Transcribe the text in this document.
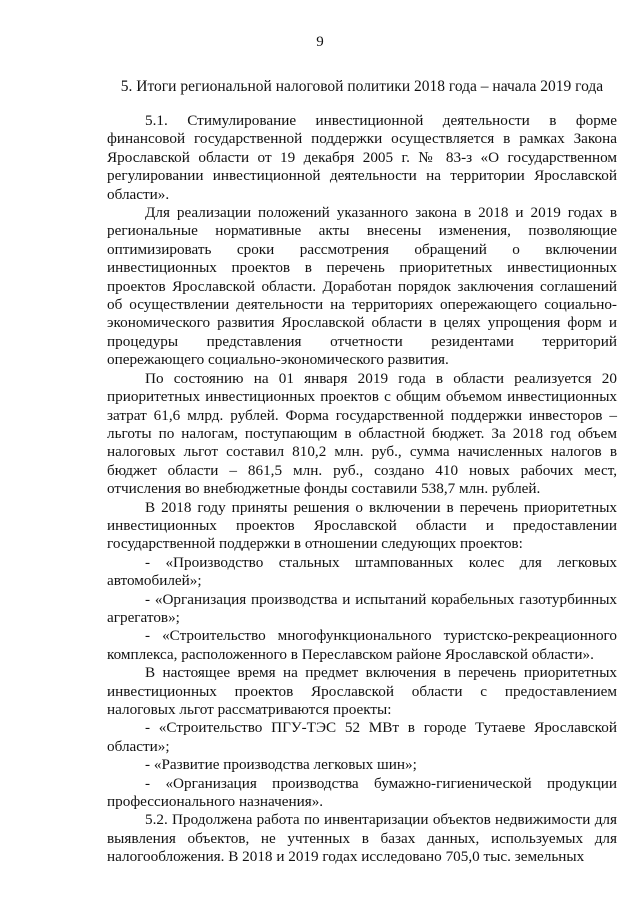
9
5. Итоги региональной налоговой политики 2018 года – начала 2019 года

5.1. Стимулирование инвестиционной деятельности в форме финансовой государственной поддержки осуществляется в рамках Закона Ярославской области от 19 декабря 2005 г. № 83-з «О государственном регулировании инвестиционной деятельности на территории Ярославской области».

Для реализации положений указанного закона в 2018 и 2019 годах в региональные нормативные акты внесены изменения, позволяющие оптимизировать сроки рассмотрения обращений о включении инвестиционных проектов в перечень приоритетных инвестиционных проектов Ярославской области. Доработан порядок заключения соглашений об осуществлении деятельности на территориях опережающего социально-экономического развития Ярославской области в целях упрощения форм и процедуры представления отчетности резидентами территорий опережающего социально-экономического развития.

По состоянию на 01 января 2019 года в области реализуется 20 приоритетных инвестиционных проектов с общим объемом инвестиционных затрат 61,6 млрд. рублей. Форма государственной поддержки инвесторов – льготы по налогам, поступающим в областной бюджет. За 2018 год объем налоговых льгот составил 810,2 млн. руб., сумма начисленных налогов в бюджет области – 861,5 млн. руб., создано 410 новых рабочих мест, отчисления во внебюджетные фонды составили 538,7 млн. рублей.

В 2018 году приняты решения о включении в перечень приоритетных инвестиционных проектов Ярославской области и предоставлении государственной поддержки в отношении следующих проектов:

- «Производство стальных штампованных колес для легковых автомобилей»;

- «Организация производства и испытаний корабельных газотурбинных агрегатов»;

- «Строительство многофункционального туристско-рекреационного комплекса, расположенного в Переславском районе Ярославской области».

В настоящее время на предмет включения в перечень приоритетных инвестиционных проектов Ярославской области с предоставлением налоговых льгот рассматриваются проекты:

- «Строительство ПГУ-ТЭС 52 МВт в городе Тутаеве Ярославской области»;

- «Развитие производства легковых шин»;

- «Организация производства бумажно-гигиенической продукции профессионального назначения».

5.2. Продолжена работа по инвентаризации объектов недвижимости для выявления объектов, не учтенных в базах данных, используемых для налогообложения. В 2018 и 2019 годах исследовано 705,0 тыс. земельных
